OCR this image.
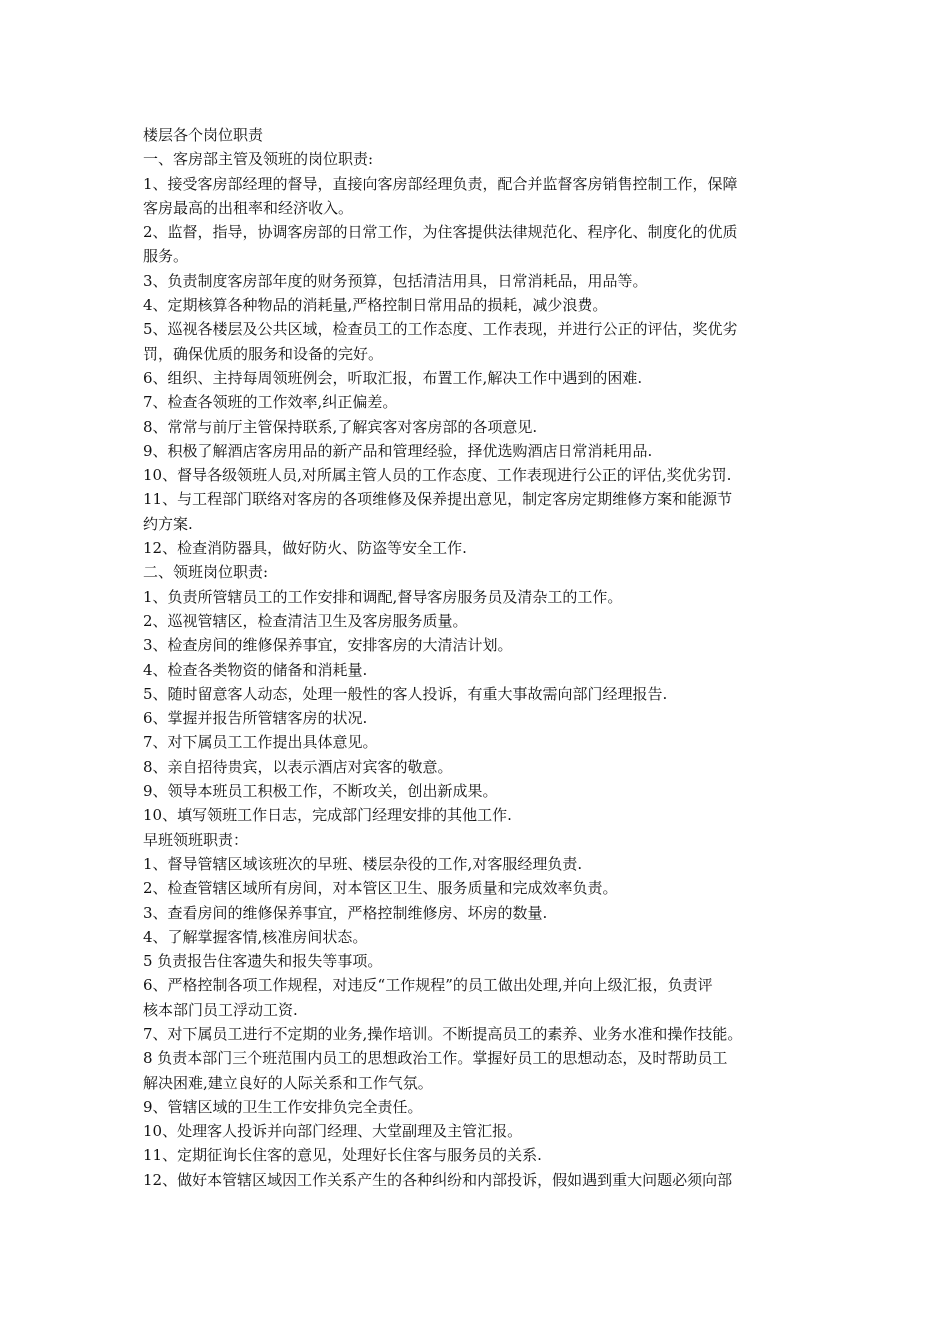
楼层各个岗位职责
一、客房部主管及领班的岗位职责:
1、接受客房部经理的督导，直接向客房部经理负责，配合并监督客房销售控制工作，保障
客房最高的出租率和经济收入。
2、监督，指导，协调客房部的日常工作，为住客提供法律规范化、程序化、制度化的优质
服务。
3、负责制度客房部年度的财务预算，包括清洁用具，日常消耗品，用品等。
4、定期核算各种物品的消耗量,严格控制日常用品的损耗，减少浪费。
5、巡视各楼层及公共区域，检查员工的工作态度、工作表现，并进行公正的评估，奖优劣
罚，确保优质的服务和设备的完好。
6、组织、主持每周领班例会，听取汇报，布置工作,解决工作中遇到的困难.
7、检查各领班的工作效率,纠正偏差。
8、常常与前厅主管保持联系,了解宾客对客房部的各项意见.
9、积极了解酒店客房用品的新产品和管理经验，择优选购酒店日常消耗用品.
10、督导各级领班人员,对所属主管人员的工作态度、工作表现进行公正的评估,奖优劣罚.
11、与工程部门联络对客房的各项维修及保养提出意见，制定客房定期维修方案和能源节
约方案.
12、检查消防器具，做好防火、防盗等安全工作.
二、领班岗位职责:
1、负责所管辖员工的工作安排和调配,督导客房服务员及清杂工的工作。
2、巡视管辖区，检查清洁卫生及客房服务质量。
3、检查房间的维修保养事宜，安排客房的大清洁计划。
4、检查各类物资的储备和消耗量.
5、随时留意客人动态，处理一般性的客人投诉，有重大事故需向部门经理报告.
6、掌握并报告所管辖客房的状况.
7、对下属员工工作提出具体意见。
8、亲自招待贵宾，以表示酒店对宾客的敬意。
9、领导本班员工积极工作，不断攻关，创出新成果。
10、填写领班工作日志，完成部门经理安排的其他工作.
早班领班职责：
1、督导管辖区域该班次的早班、楼层杂役的工作,对客服经理负责.
2、检查管辖区域所有房间，对本管区卫生、服务质量和完成效率负责。
3、查看房间的维修保养事宜，严格控制维修房、坏房的数量.
4、了解掌握客情,核准房间状态。
5 负责报告住客遗失和报失等事项。
6、严格控制各项工作规程，对违反“工作规程”的员工做出处理,并向上级汇报，负责评
核本部门员工浮动工资.
7、对下属员工进行不定期的业务,操作培训。不断提高员工的素养、业务水准和操作技能。
8 负责本部门三个班范围内员工的思想政治工作。掌握好员工的思想动态，及时帮助员工
解决困难,建立良好的人际关系和工作气氛。
9、管辖区域的卫生工作安排负完全责任。
10、处理客人投诉并向部门经理、大堂副理及主管汇报。
11、定期征询长住客的意见，处理好长住客与服务员的关系.
12、做好本管辖区域因工作关系产生的各种纠纷和内部投诉，假如遇到重大问题必须向部
